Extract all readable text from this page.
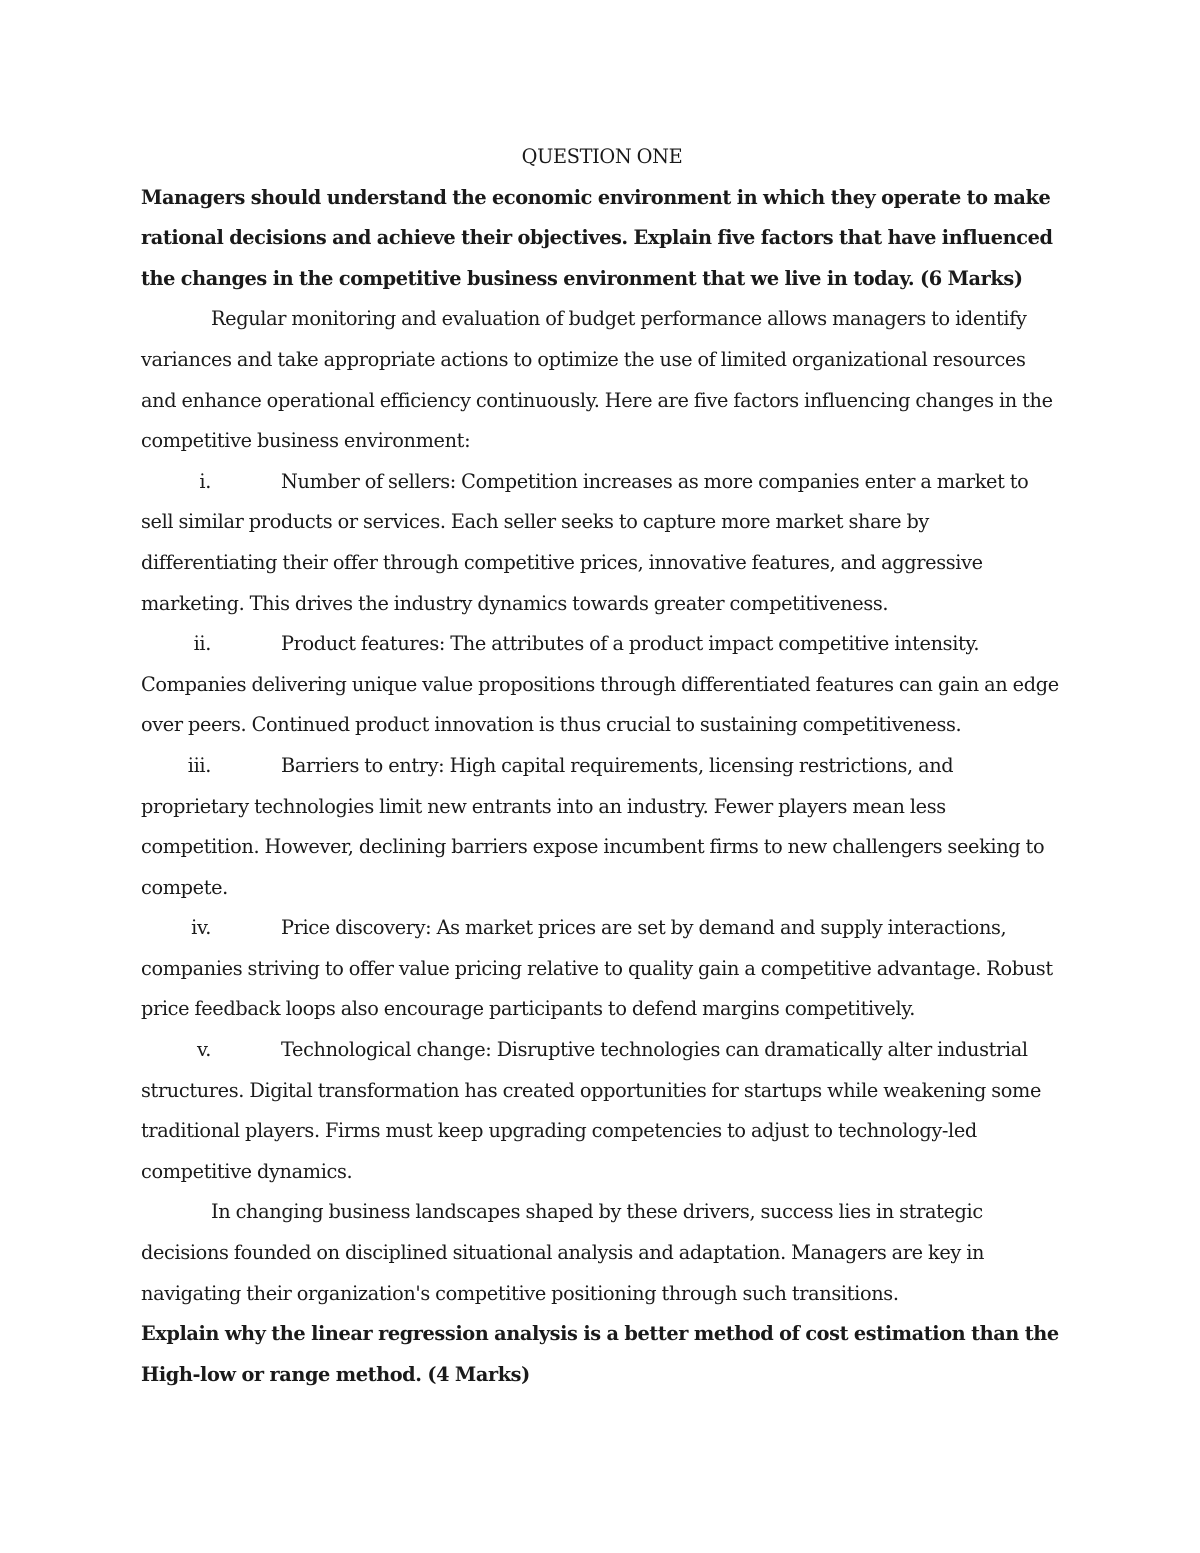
QUESTION ONE

Managers should understand the economic environment in which they operate to make rational decisions and achieve their objectives. Explain five factors that have influenced the changes in the competitive business environment that we live in today. (6 Marks)

Regular monitoring and evaluation of budget performance allows managers to identify variances and take appropriate actions to optimize the use of limited organizational resources and enhance operational efficiency continuously. Here are five factors influencing changes in the competitive business environment:

i.	Number of sellers: Competition increases as more companies enter a market to sell similar products or services. Each seller seeks to capture more market share by differentiating their offer through competitive prices, innovative features, and aggressive marketing. This drives the industry dynamics towards greater competitiveness.

ii.	Product features: The attributes of a product impact competitive intensity. Companies delivering unique value propositions through differentiated features can gain an edge over peers. Continued product innovation is thus crucial to sustaining competitiveness.

iii.	Barriers to entry: High capital requirements, licensing restrictions, and proprietary technologies limit new entrants into an industry. Fewer players mean less competition. However, declining barriers expose incumbent firms to new challengers seeking to compete.

iv.	Price discovery: As market prices are set by demand and supply interactions, companies striving to offer value pricing relative to quality gain a competitive advantage. Robust price feedback loops also encourage participants to defend margins competitively.

v.	Technological change: Disruptive technologies can dramatically alter industrial structures. Digital transformation has created opportunities for startups while weakening some traditional players. Firms must keep upgrading competencies to adjust to technology-led competitive dynamics.

In changing business landscapes shaped by these drivers, success lies in strategic decisions founded on disciplined situational analysis and adaptation. Managers are key in navigating their organization's competitive positioning through such transitions.

Explain why the linear regression analysis is a better method of cost estimation than the High-low or range method. (4 Marks)
